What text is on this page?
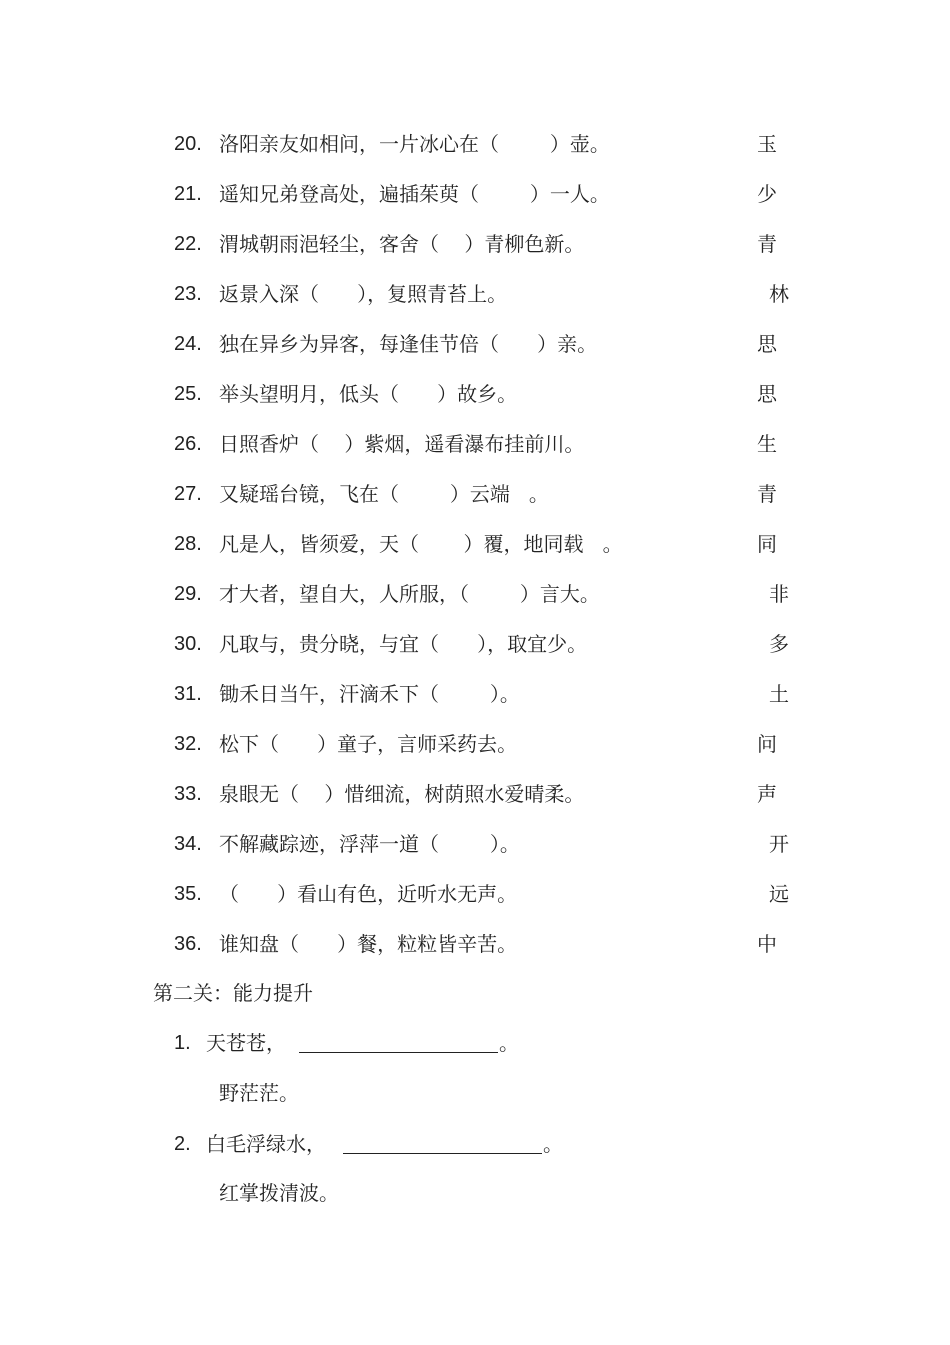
20. 洛阳亲友如相问，一片冰心在（        ）壶。	玉
21. 遥知兄弟登高处，遍插茱萸（        ）一人。	少
22. 渭城朝雨浥轻尘，客舍（    ）青柳色新。	青
23. 返景入深（      ），复照青苔上。	林
24. 独在异乡为异客，每逢佳节倍（      ）亲。	思
25. 举头望明月，低头（      ）故乡。	思
26. 日照香炉（    ）紫烟，遥看瀑布挂前川。	生
27. 又疑瑶台镜，飞在（        ）云端   。	青
28. 凡是人，皆须爱，天（       ）覆，地同载   。	同
29. 才大者，望自大，人所服，（        ）言大。	非
30. 凡取与，贵分晓，与宜（      ），取宜少。	多
31. 锄禾日当午，汗滴禾下（        ）。	土
32. 松下（      ）童子，言师采药去。	问
33. 泉眼无（    ）惜细流，树荫照水爱晴柔。	声
34. 不解藏踪迹，浮萍一道（        ）。	开
35. （      ）看山有色，近听水无声。	远
36. 谁知盘（      ）餐，粒粒皆辛苦。	中
第二关：能力提升
1. 天苍苍，	。
野茫茫。
2. 白毛浮绿水，	。
红掌拨清波。
